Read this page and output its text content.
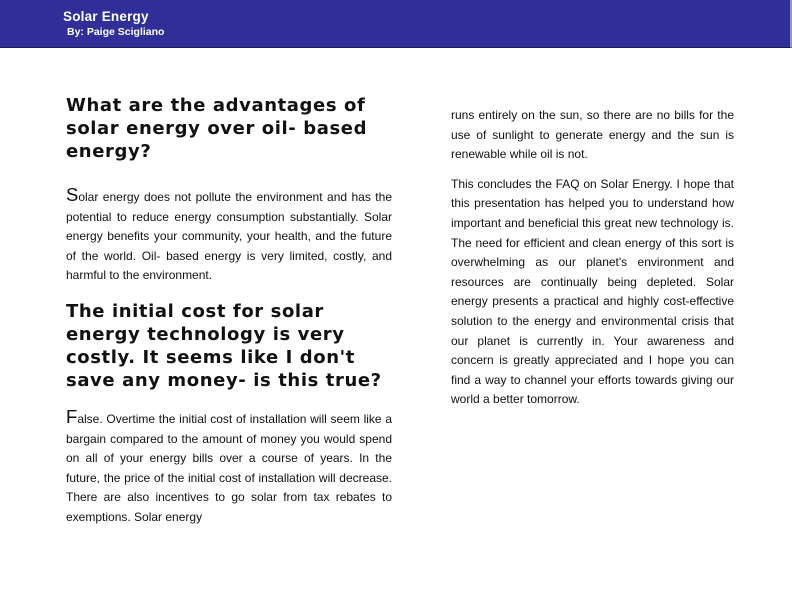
Solar Energy
By: Paige Scigliano
What are the advantages of solar energy over oil- based energy?

Solar energy does not pollute the environment and has the potential to reduce energy consumption substantially. Solar energy benefits your community, your health, and the future of the world. Oil- based energy is very limited, costly, and harmful to the environment.

The initial cost for solar energy technology is very costly. It seems like I don't save any money- is this true?

False. Overtime the initial cost of installation will seem like a bargain compared to the amount of money you would spend on all of your energy bills over a course of years. In the future, the price of the initial cost of installation will decrease. There are also incentives to go solar from tax rebates to exemptions. Solar energy

runs entirely on the sun, so there are no bills for the use of sunlight to generate energy and the sun is renewable while oil is not.

This concludes the FAQ on Solar Energy. I hope that this presentation has helped you to understand how important and beneficial this great new technology is. The need for efficient and clean energy of this sort is overwhelming as our planet's environment and resources are continually being depleted. Solar energy presents a practical and highly cost-effective solution to the energy and environmental crisis that our planet is currently in. Your awareness and concern is greatly appreciated and I hope you can find a way to channel your efforts towards giving our world a better tomorrow.
